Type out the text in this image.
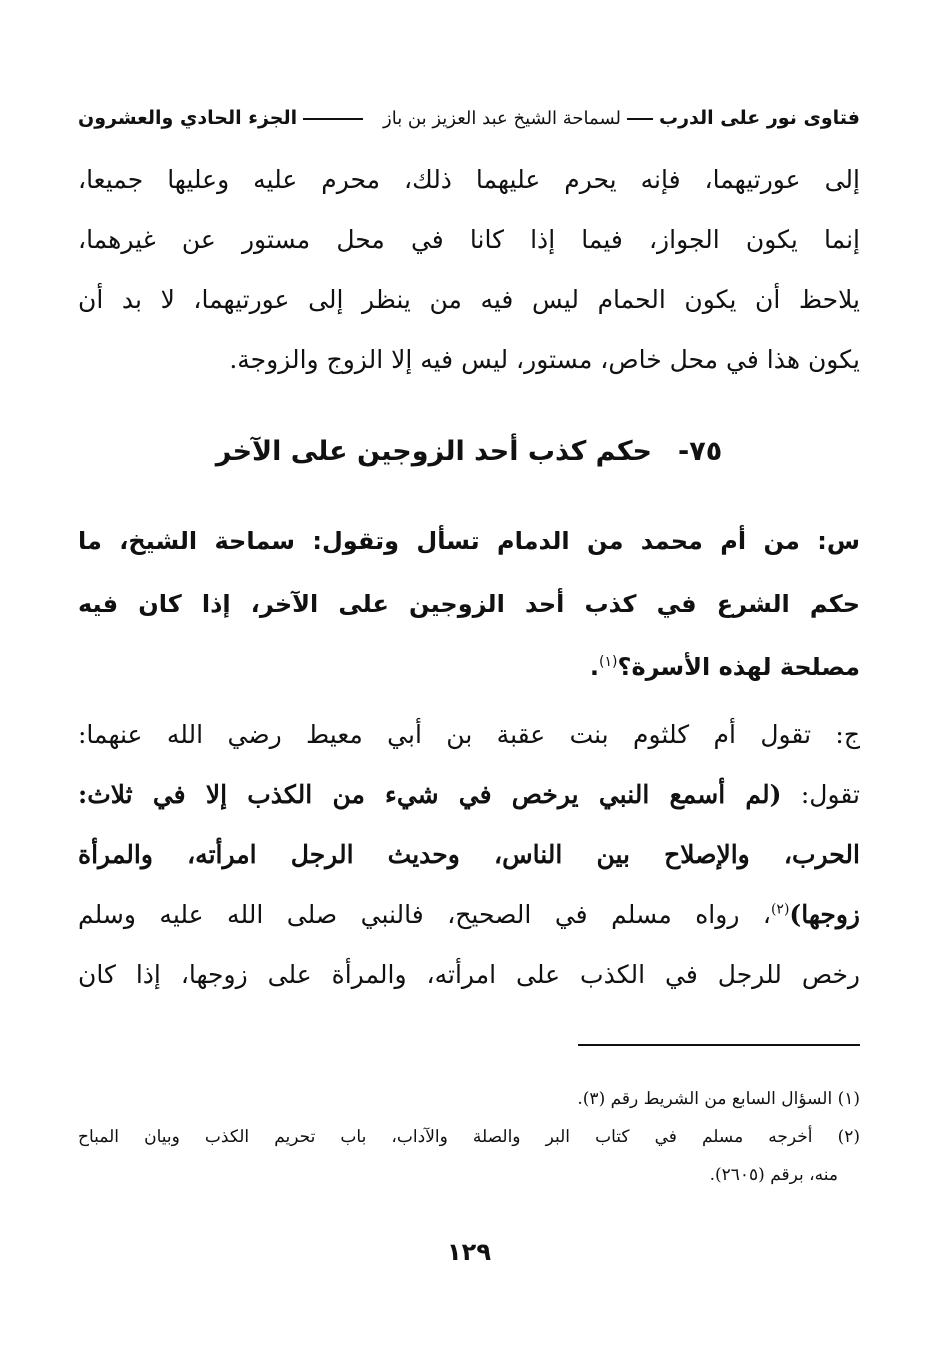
فتاوى نور على الدربلسماحة الشيخ عبد العزيز بن باز
الجزء الحادي والعشرون
إلى عورتيهما، فإنه يحرم عليهما ذلك، محرم عليه وعليها جميعا،
إنما يكون الجواز، فيما إذا كانا في محل مستور عن غيرهما،
يلاحظ أن يكون الحمام ليس فيه من ينظر إلى عورتيهما، لا بد أن
يكون هذا في محل خاص، مستور، ليس فيه إلا الزوج والزوجة.
٧٥-حكم كذب أحد الزوجين على الآخر
س: من أم محمد من الدمام تسأل وتقول: سماحة الشيخ، ما
حكم الشرع في كذب أحد الزوجين على الآخر، إذا كان فيه
مصلحة لهذه الأسرة؟$^{(١)}$.
ج: تقول أم كلثوم بنت عقبة بن أبي معيط رضي الله عنهما:
تقول: (لم أسمع النبي يرخص في شيء من الكذب إلا في ثلاث:
الحرب، والإصلاح بين الناس، وحديث الرجل امرأته، والمرأة
زوجها)$^{(٢)}$، رواه مسلم في الصحيح، فالنبي صلى الله عليه وسلم
رخص للرجل في الكذب على امرأته، والمرأة على زوجها، إذا كان
(١) السؤال السابع من الشريط رقم (٣).
(٢) أخرجه مسلم في كتاب البر والصلة والآداب، باب تحريم الكذب وبيان المباح
منه، برقم (٢٦٠٥).
١٢٩
